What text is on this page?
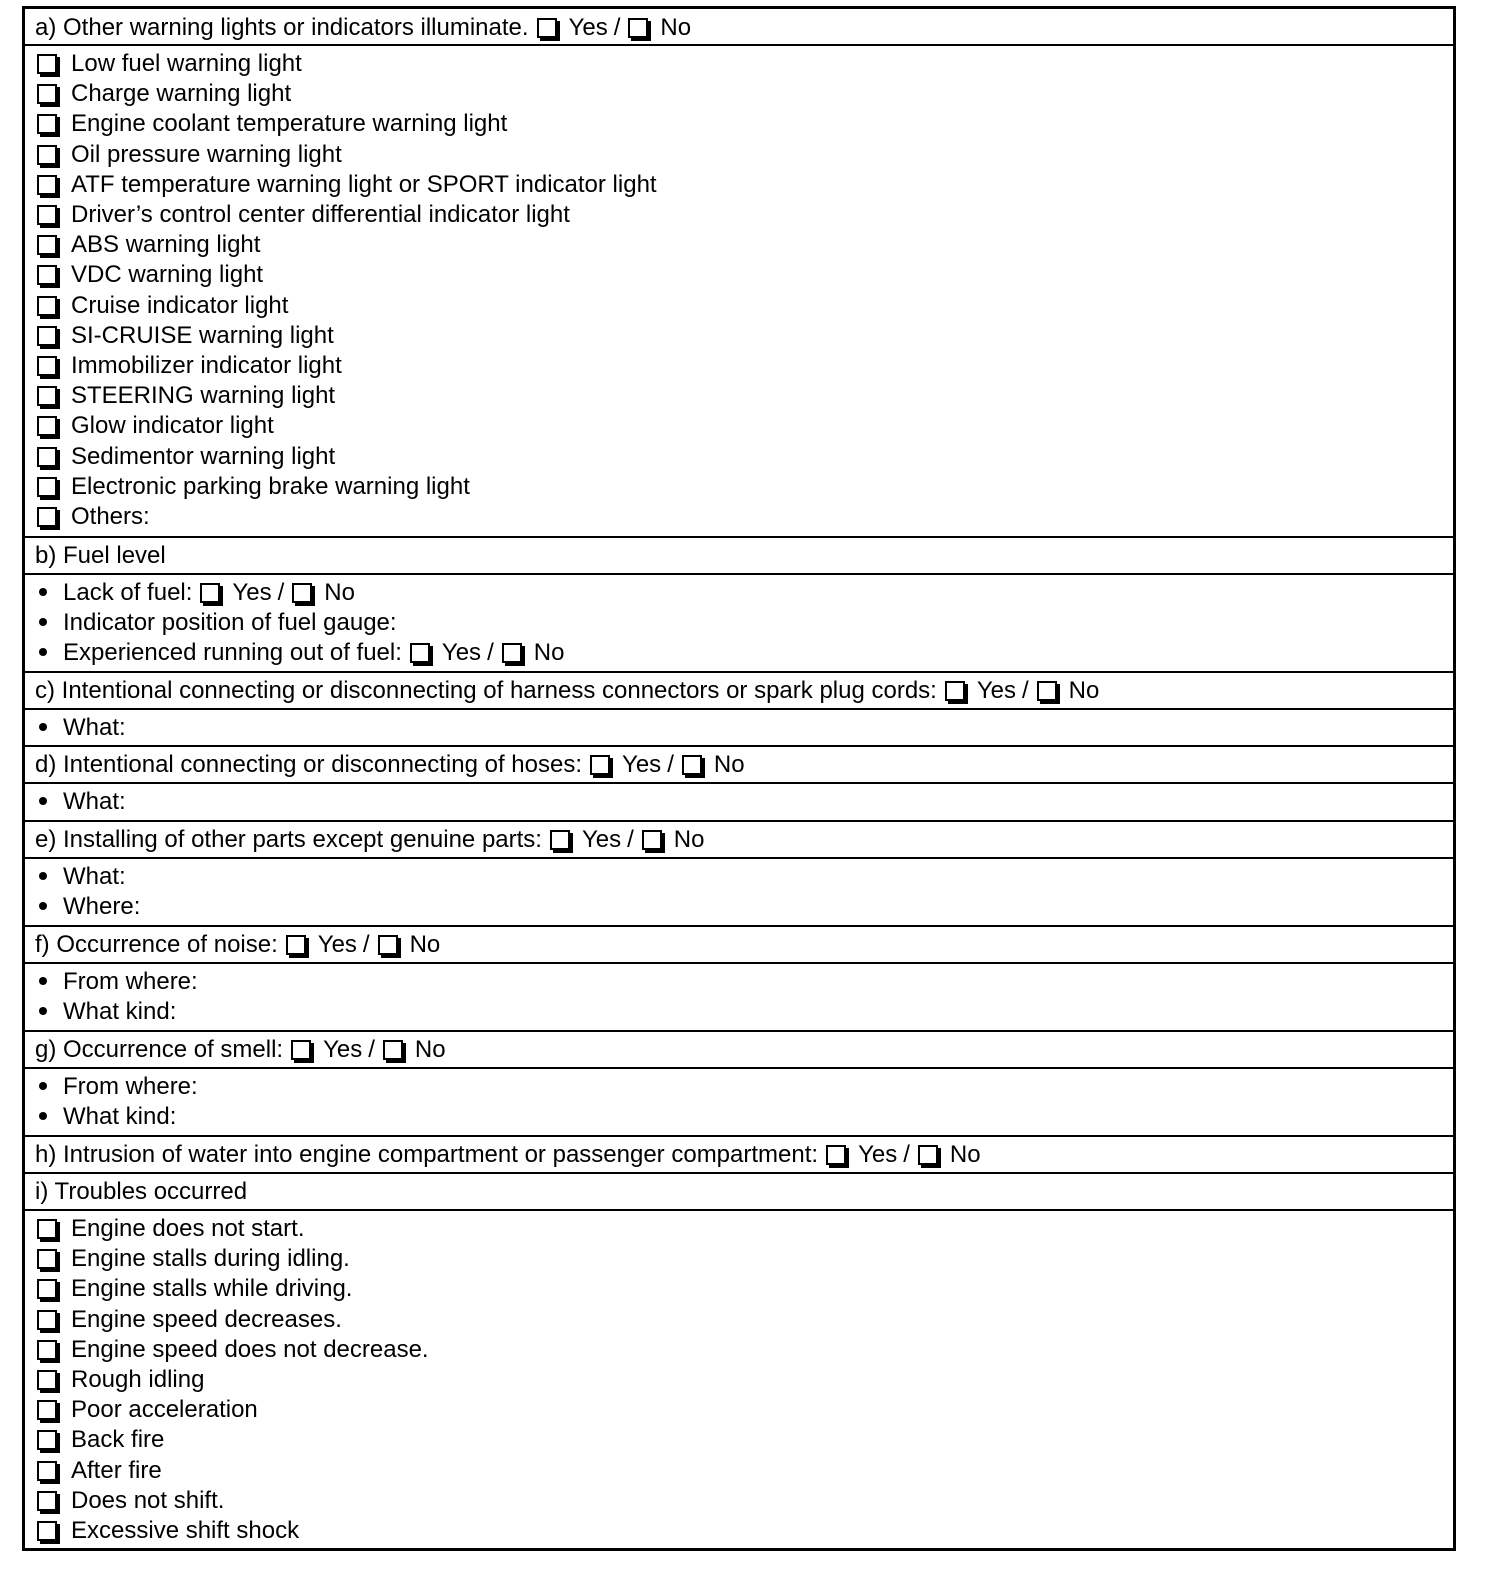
a) Other warning lights or indicators illuminate. Yes / No
Low fuel warning light
Charge warning light
Engine coolant temperature warning light
Oil pressure warning light
ATF temperature warning light or SPORT indicator light
Driver’s control center differential indicator light
ABS warning light
VDC warning light
Cruise indicator light
SI-CRUISE warning light
Immobilizer indicator light
STEERING warning light
Glow indicator light
Sedimentor warning light
Electronic parking brake warning light
Others:
b) Fuel level
Lack of fuel: Yes / No
Indicator position of fuel gauge:
Experienced running out of fuel: Yes / No
c) Intentional connecting or disconnecting of harness connectors or spark plug cords: Yes / No
What:
d) Intentional connecting or disconnecting of hoses: Yes / No
What:
e) Installing of other parts except genuine parts: Yes / No
What:
Where:
f) Occurrence of noise: Yes / No
From where:
What kind:
g) Occurrence of smell: Yes / No
From where:
What kind:
h) Intrusion of water into engine compartment or passenger compartment: Yes / No
i) Troubles occurred
Engine does not start.
Engine stalls during idling.
Engine stalls while driving.
Engine speed decreases.
Engine speed does not decrease.
Rough idling
Poor acceleration
Back fire
After fire
Does not shift.
Excessive shift shock
